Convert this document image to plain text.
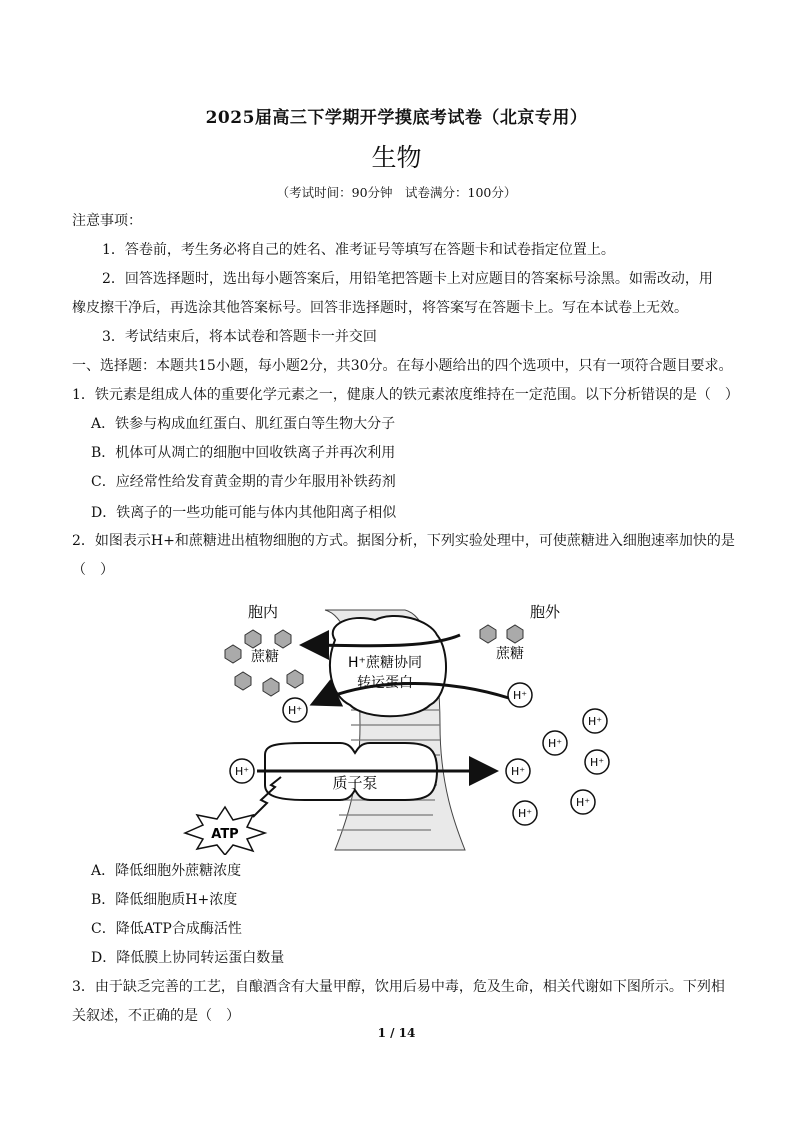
2025届高三下学期开学摸底考试卷（北京专用）
生物
（考试时间：90分钟　试卷满分：100分）
注意事项：
1．答卷前，考生务必将自己的姓名、准考证号等填写在答题卡和试卷指定位置上。
2．回答选择题时，选出每小题答案后，用铅笔把答题卡上对应题目的答案标号涂黑。如需改动，用
橡皮擦干净后，再选涂其他答案标号。回答非选择题时，将答案写在答题卡上。写在本试卷上无效。
3．考试结束后，将本试卷和答题卡一并交回
一、选择题：本题共15小题，每小题2分，共30分。在每小题给出的四个选项中，只有一项符合题目要求。
1．铁元素是组成人体的重要化学元素之一，健康人的铁元素浓度维持在一定范围。以下分析错误的是（　）
A．铁参与构成血红蛋白、肌红蛋白等生物大分子
B．机体可从凋亡的细胞中回收铁离子并再次利用
C．应经常性给发育黄金期的青少年服用补铁药剂
D．铁离子的一些功能可能与体内其他阳离子相似
2．如图表示H+和蔗糖进出植物细胞的方式。据图分析，下列实验处理中，可使蔗糖进入细胞速率加快的是
（　）
H⁺蔗糖协同
转运蛋白
质子泵
ATP
胞内	胞外
蔗糖	蔗糖
H⁺
H⁺
H⁺	H⁺
H⁺
H⁺
H⁺
H⁺
H⁺
A．降低细胞外蔗糖浓度
B．降低细胞质H+浓度
C．降低ATP合成酶活性
D．降低膜上协同转运蛋白数量
3．由于缺乏完善的工艺，自酿酒含有大量甲醇，饮用后易中毒，危及生命，相关代谢如下图所示。下列相
关叙述，不正确的是（　）
1 / 14
